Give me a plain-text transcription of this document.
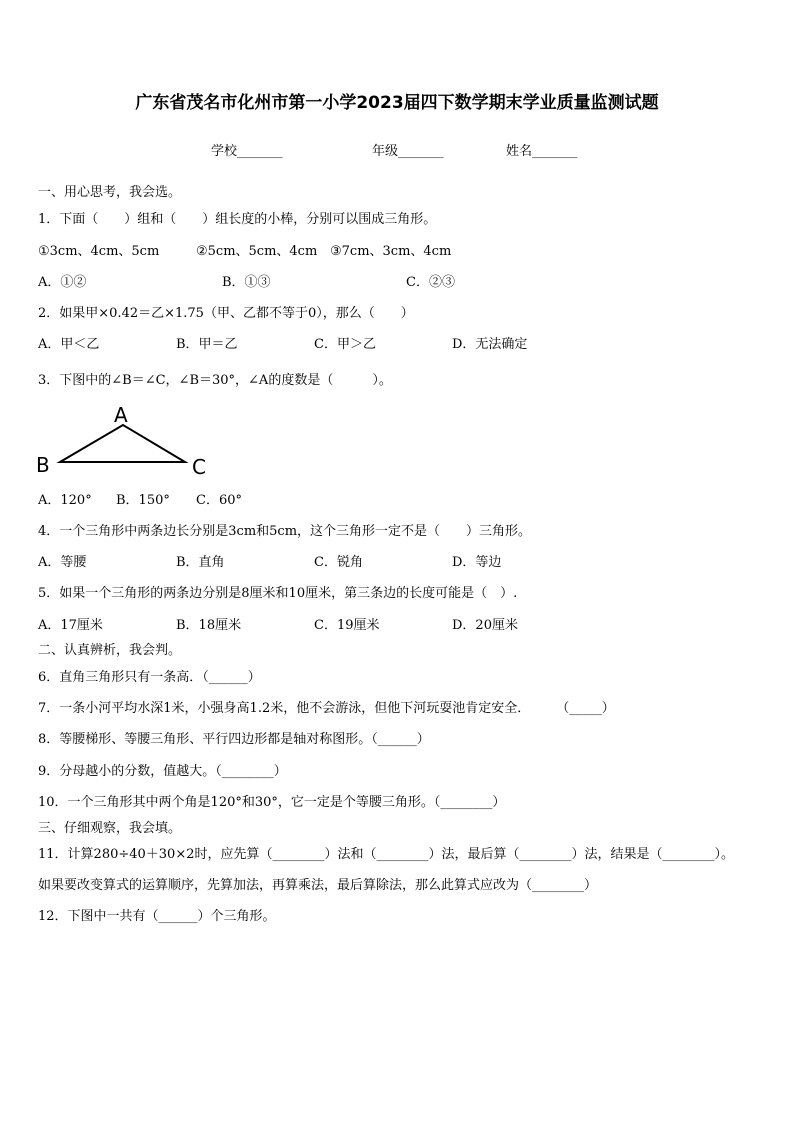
广东省茂名市化州市第一小学2023届四下数学期末学业质量监测试题
学校_______	年级_______	姓名_______
一、用心思考，我会选。
1．下面（　　）组和（　　）组长度的小棒，分别可以围成三角形。
①3cm、4cm、5cm	②5cm、5cm、4cm ③7cm、3cm、4cm
A．①②	B．①③	C．②③
2．如果甲×0.42＝乙×1.75（甲、乙都不等于0），那么（　　）
A．甲＜乙	B．甲＝乙	C．甲＞乙	D．无法确定
3．下图中的∠B＝∠C，∠B＝30°，∠A的度数是（　　　）。
A
B	C
A．120° B．150° C．60°
4．一个三角形中两条边长分别是3cm和5cm，这个三角形一定不是（　　）三角形。
A．等腰	B．直角	C．锐角	D．等边
5．如果一个三角形的两条边分别是8厘米和10厘米，第三条边的长度可能是（　）.
A．17厘米	B．18厘米	C．19厘米	D．20厘米
二、认真辨析，我会判。
6．直角三角形只有一条高．（______）
7．一条小河平均水深1米，小强身高1.2米，他不会游泳，但他下河玩耍池肯定安全．　　　（_____）
8．等腰梯形、等腰三角形、平行四边形都是轴对称图形。（______）
9．分母越小的分数，值越大。（________）
10．一个三角形其中两个角是120°和30°，它一定是个等腰三角形。（________）
三、仔细观察，我会填。
11．计算280÷40＋30×2时，应先算（________）法和（________）法，最后算（________）法，结果是（________）。
如果要改变算式的运算顺序，先算加法，再算乘法，最后算除法，那么此算式应改为（________）
12．下图中一共有（______）个三角形。
